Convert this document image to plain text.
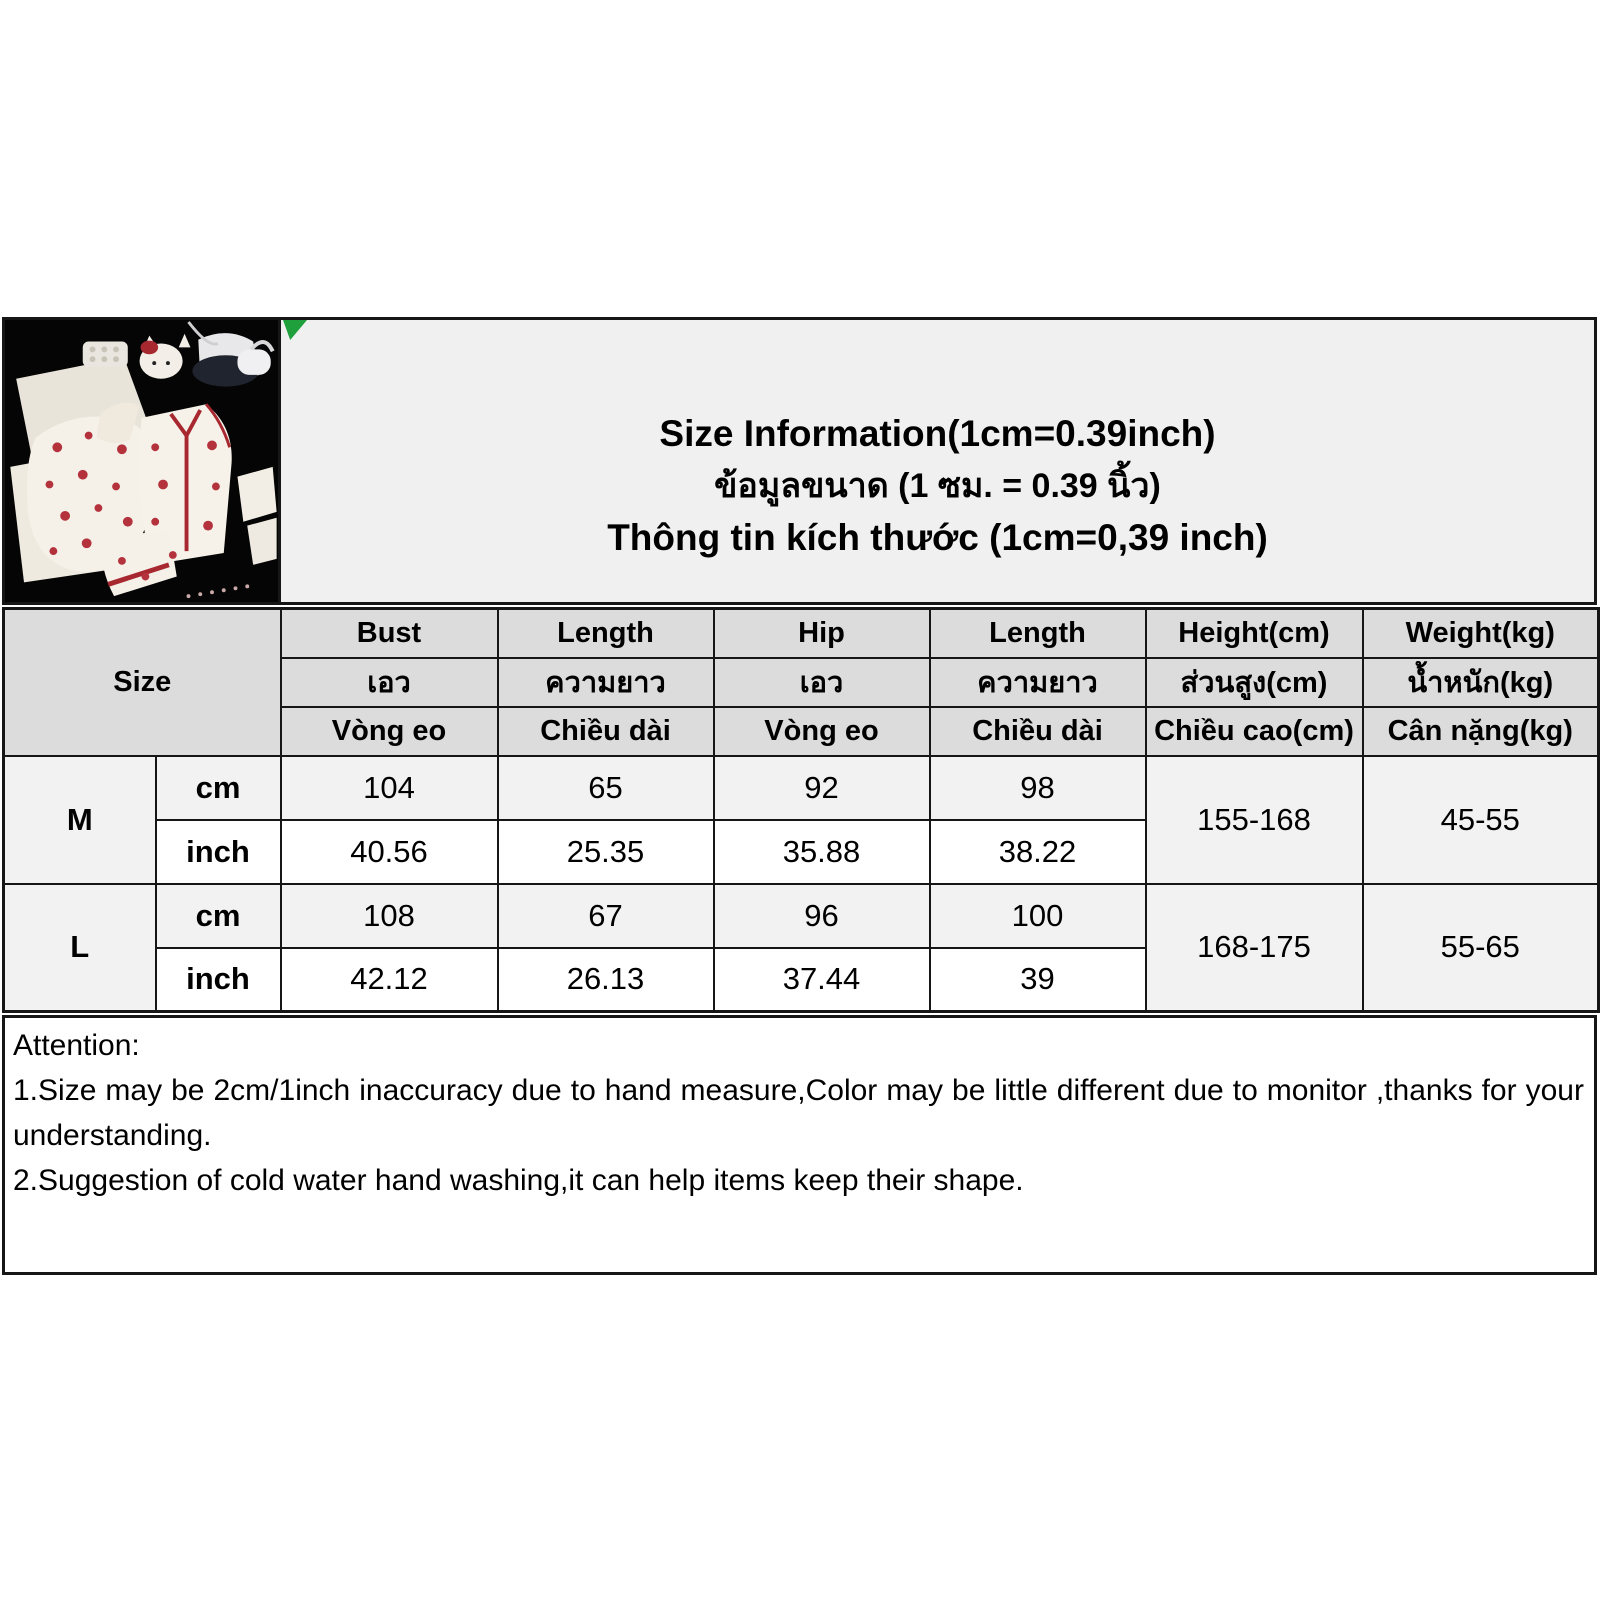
Size Information(1cm=0.39inch)
ข้อมูลขนาด (1 ซม. = 0.39 นิ้ว)
Thông tin kích thước (1cm=0,39 inch)
Size		Bust	Length	Hip	Length	Height(cm)	Weight(kg)
		เอว	ความยาว	เอว	ความยาว	ส่วนสูง(cm)	น้ำหนัก(kg)
		Vòng eo	Chiều dài	Vòng eo	Chiều dài	Chiều cao(cm)	Cân nặng(kg)
M	cm	104	65	92	98	155-168	45-55
	inch	40.56	25.35	35.88	38.22		
L	cm	108	67	96	100	168-175	55-65
	inch	42.12	26.13	37.44	39		
Attention:
1.Size may be 2cm/1inch inaccuracy due to hand measure,Color may be little different due to monitor ,thanks for your understanding.
2.Suggestion of cold water hand washing,it can help items keep their shape.
